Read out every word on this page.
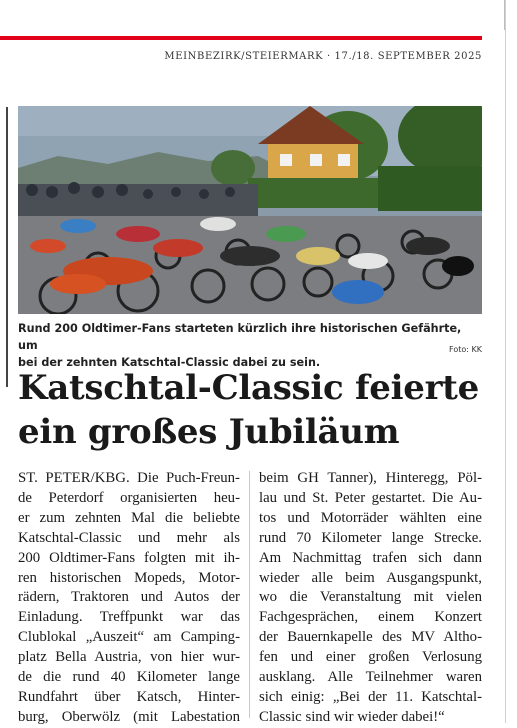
MEINBEZIRK/STEIERMARK · 17./18. SEPTEMBER 2025
Rund 200 Oldtimer-Fans starteten kürzlich ihre historischen Gefährte, um
bei der zehnten Katschtal-Classic dabei zu sein.
Foto: KK
Katschtal-Classic feierte
ein großes Jubiläum

ST. PETER/KBG. Die Puch-Freun-

de Peterdorf organisierten heu-

er zum zehnten Mal die beliebte

Katschtal-Classic und mehr als

200 Oldtimer-Fans folgten mit ih-

ren historischen Mopeds, Motor-

rädern, Traktoren und Autos der

Einladung. Treffpunkt war das

Clublokal „Auszeit“ am Camping-

platz Bella Austria, von hier wur-

de die rund 40 Kilometer lange

Rundfahrt über Katsch, Hinter-

burg, Oberwölz (mit Labestation

beim GH Tanner), Hinteregg, Pöl-

lau und St. Peter gestartet. Die Au-

tos und Motorräder wählten eine

rund 70 Kilometer lange Strecke.

Am Nachmittag trafen sich dann

wieder alle beim Ausgangspunkt,

wo die Veranstaltung mit vielen

Fachgesprächen, einem Konzert

der Bauernkapelle des MV Altho-

fen und einer großen Verlosung

ausklang. Alle Teilnehmer waren

sich einig: „Bei der 11. Katschtal-

Classic sind wir wieder dabei!“
